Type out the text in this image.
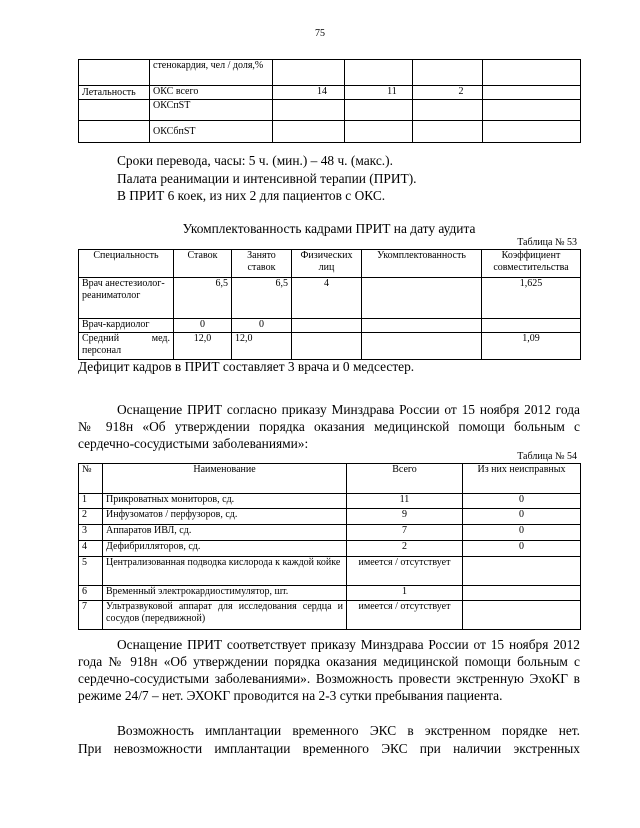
75
	стенокардия, чел / доля,%				
Летальность	ОКС всего	14	11	2	
	ОКСпST				
	ОКСбпST				
Сроки перевода, часы: 5 ч. (мин.) – 48 ч. (макс.).
Палата реанимации и интенсивной терапии (ПРИТ).
В ПРИТ 6 коек, из них 2 для пациентов с ОКС.
Укомплектованность кадрами ПРИТ на дату аудита
Таблица № 53
Специальность	Ставок	Занято ставок	Физических лиц	Укомплектованность	Коэффициент совместительства
Врач анестезиолог-реаниматолог	6,5	6,5	4		1,625
Врач-кардиолог	0	0			

Средний мед.
персонал	12,0	12,0			1,09
Дефицит кадров в ПРИТ составляет 3 врача и 0 медсестер.
Оснащение ПРИТ согласно приказу Минздрава России от 15 ноября 2012 года № 918н «Об утверждении порядка оказания медицинской помощи больным с сердечно-сосудистыми заболеваниями»:
Таблица № 54
№	Наименование	Всего	Из них неисправных
1	Прикроватных мониторов, сд.	11	0
2	Инфузоматов / перфузоров, сд.	9	0
3	Аппаратов ИВЛ, сд.	7	0
4	Дефибрилляторов, сд.	2	0
5	Централизованная подводка кислорода к каждой койке	имеется / отсутствует	
6	Временный электрокардиостимулятор, шт.	1	
7	Ультразвуковой аппарат для исследования сердца и сосудов (передвижной)	имеется / отсутствует	
Оснащение ПРИТ соответствует приказу Минздрава России от 15 ноября 2012 года № 918н «Об утверждении порядка оказания медицинской помощи больным с сердечно-сосудистыми заболеваниями». Возможность провести экстренную ЭхоКГ в режиме 24/7 – нет. ЭХОКГ проводится на 2-3 сутки пребывания пациента.
Возможность имплантации временного ЭКС в экстренном порядке нет.
При невозможности имплантации временного ЭКС при наличии экстренных
